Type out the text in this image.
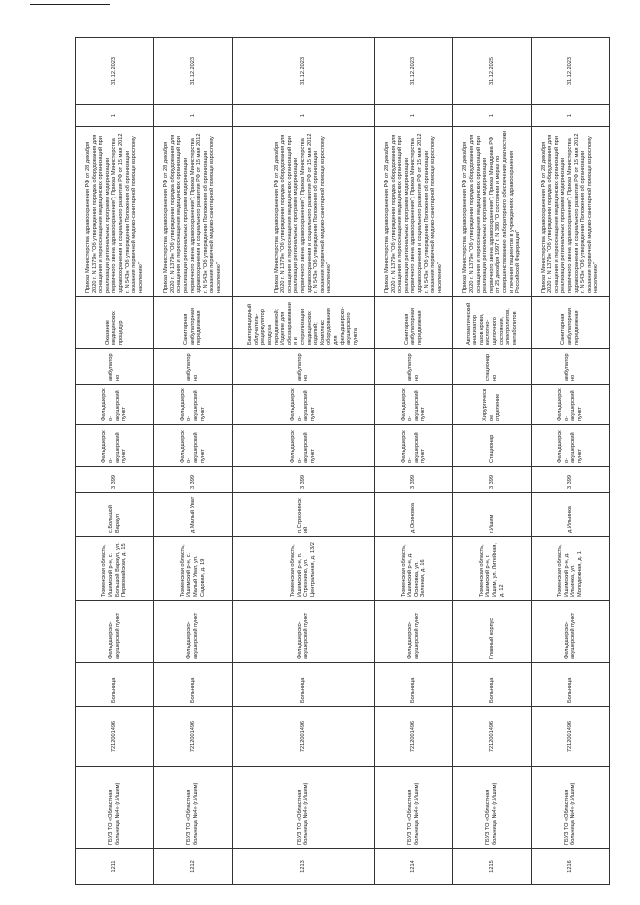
1211	ГБУЗ ТО «Областная больница №4» (г.Ишим)	7212001496	Больница	Фельдшерско-акушерский пункт	Тюменская область, Ишимский р-н, с. Большой Вараул, ул. Первомайская, д. 15	с.Большой Вараул	3 399	Фельдшерско-акушерский пункт	Фельдшерско-акушерский пункт	амбулаторно	Оказание медицинских процедур	Приказ Министерства здравоохранения РФ от 28 декабря 2020 г. N 1379н "Об утверждении порядка оборудования для оснащения и переоснащения медицинских организаций при реализации региональных программ модернизации первичного звена здравоохранения"; Приказ Министерства здравоохранения и социального развития РФ от 15 мая 2012 г. N 543н "Об утверждении Положения об организации оказания первичной медико-санитарной помощи взрослому населению"	1	31.12.2023
1212	ГБУЗ ТО «Областная больница №4» (г.Ишим)	7212001496	Больница	Фельдшерско-акушерский пункт	Тюменская область, Ишимский р-н, с. Малый Уват, ул. Садовая, д. 19	д.Малый Уват	3 399	Фельдшерско-акушерский пункт	Фельдшерско-акушерский пункт	амбулаторно	Санитарная амбулаторная передвижная	Приказ Министерства здравоохранения РФ от 28 декабря 2020 г. N 1379н "Об утверждении порядка оборудования для оснащения и переоснащения медицинских организаций при реализации региональных программ модернизации первичного звена здравоохранения"; Приказ Министерства здравоохранения и социального развития РФ от 15 мая 2012 г. N 543н "Об утверждении Положения об организации оказания первичной медико-санитарной помощи взрослому населению"	1	31.12.2023
1213	ГБУЗ ТО «Областная больница №4» (г.Ишим)	7212001496	Больница	Фельдшерско-акушерский пункт	Тюменская область, Ишимский р-н, п. Стрехнино, ул. Центральная, д. 13/2	п.Стрехнинский	3 399	Фельдшерско-акушерский пункт	Фельдшерско-акушерский пункт	амбулаторно	Бактерицидный облучатель-рециркулятор воздуха передвижной; Изделие для обеззараживания и стерилизации медицинских изделий; Комплекс оборудования для фельдшерско-акушерского пункта	Приказ Министерства здравоохранения РФ от 28 декабря 2020 г. N 1379н "Об утверждении порядка оборудования для оснащения и переоснащения медицинских организаций при реализации региональных программ модернизации первичного звена здравоохранения"; Приказ Министерства здравоохранения и социального развития РФ от 15 мая 2012 г. N 543н "Об утверждении Положения об организации оказания первичной медико-санитарной помощи взрослому населению"	1	31.12.2023
1214	ГБУЗ ТО «Областная больница №4» (г.Ишим)	7212001496	Больница	Фельдшерско-акушерский пункт	Тюменская область, Ишимский р-н, д. Осиновка, ул. Зеленая, д. 16	д.Осиновка	3 399	Фельдшерско-акушерский пункт	Фельдшерско-акушерский пункт	амбулаторно	Санитарная амбулаторная передвижная	Приказ Министерства здравоохранения РФ от 28 декабря 2020 г. N 1379н "Об утверждении порядка оборудования для оснащения и переоснащения медицинских организаций при реализации региональных программ модернизации первичного звена здравоохранения"; Приказ Министерства здравоохранения и социального развития РФ от 15 мая 2012 г. N 543н "Об утверждении Положения об организации оказания первичной медико-санитарной помощи взрослому населению"	1	31.12.2023
1215	ГБУЗ ТО «Областная больница №4» (г.Ишим)	7212001496	Больница	Главный корпус	Тюменская область, Ишимский р-н, г. Ишим, ул. Литейная, д. 12	г.Ишим	3 399	Стационар	Хирургическое отделение	стационарно	Автоматический анализатор газов крови, кислотно-щелочного состояния, электролитов, метаболитов	Приказ Министерства здравоохранения РФ от 28 декабря 2020 г. N 1379н "Об утверждении порядка оборудования для оснащения и переоснащения медицинских организаций при реализации региональных программ модернизации первичного звена здравоохранения"; Приказ Минздрава РФ от 25 декабря 1997 г. N 380 "О состоянии и мерах по совершенствованию лабораторного обеспечения диагностики и лечения пациентов в учреждениях здравоохранения Российской Федерации"	1	31.12.2025
1216	ГБУЗ ТО «Областная больница №4» (г.Ишим)	7212001496	Больница	Фельдшерско-акушерский пункт	Тюменская область, Ишимский р-н, д. Ильинка, ул. Молодежная, д. 1	д.Ильинка	3 399	Фельдшерско-акушерский пункт	Фельдшерско-акушерский пункт	амбулаторно	Санитарная амбулаторная передвижная	Приказ Министерства здравоохранения РФ от 28 декабря 2020 г. N 1379н "Об утверждении порядка оборудования для оснащения и переоснащения медицинских организаций при реализации региональных программ модернизации первичного звена здравоохранения"; Приказ Министерства здравоохранения и социального развития РФ от 15 мая 2012 г. N 543н "Об утверждении Положения об организации оказания первичной медико-санитарной помощи взрослому населению"	1	31.12.2023
